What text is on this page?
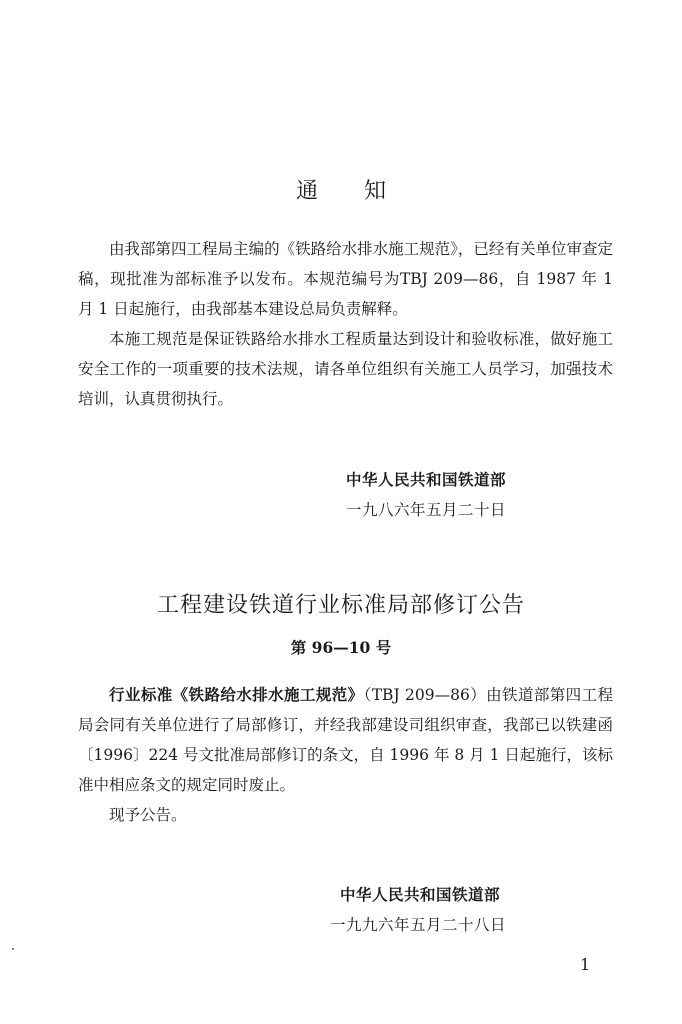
通知

由我部第四工程局主编的《铁路给水排水施工规范》，已经有关单位审查定稿，现批准为部标准予以发布。本规范编号为TBJ 209—86，自 1987 年 1 月 1 日起施行，由我部基本建设总局负责解释。

本施工规范是保证铁路给水排水工程质量达到设计和验收标准，做好施工安全工作的一项重要的技术法规，请各单位组织有关施工人员学习，加强技术培训，认真贯彻执行。

中华人民共和国铁道部
一九八六年五月二十日
工程建设铁道行业标准局部修订公告
第 96—10 号

行业标准《铁路给水排水施工规范》（TBJ 209—86）由铁道部第四工程局会同有关单位进行了局部修订，并经我部建设司组织审查，我部已以铁建函〔1996〕224 号文批准局部修订的条文，自 1996 年 8 月 1 日起施行，该标准中相应条文的规定同时废止。

现予公告。

中华人民共和国铁道部
一九九六年五月二十八日
1
